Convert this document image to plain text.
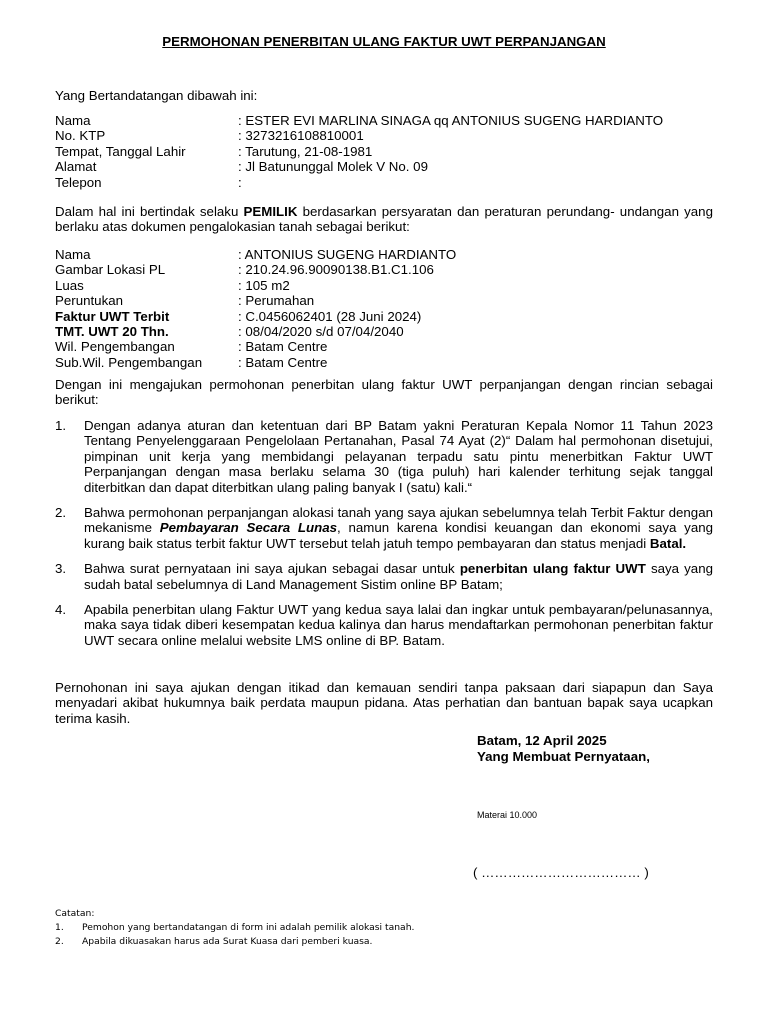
PERMOHONAN PENERBITAN ULANG FAKTUR UWT PERPANJANGAN
Yang Bertandatangan dibawah ini:
Nama	: ESTER EVI MARLINA SINAGA qq ANTONIUS SUGENG HARDIANTO
No. KTP	: 3273216108810001
Tempat, Tanggal Lahir	: Tarutung, 21-08-1981
Alamat	: Jl Batununggal Molek V No. 09
Telepon	:
Dalam hal ini bertindak selaku PEMILIK berdasarkan persyaratan dan peraturan perundang- undangan yang berlaku atas dokumen pengalokasian tanah sebagai berikut:
Nama	: ANTONIUS SUGENG HARDIANTO
Gambar Lokasi PL	: 210.24.96.90090138.B1.C1.106
Luas	: 105 m2
Peruntukan	: Perumahan
Faktur UWT Terbit	: C.0456062401 (28 Juni 2024)
TMT. UWT 20 Thn.	: 08/04/2020 s/d 07/04/2040
Wil. Pengembangan	: Batam Centre
Sub.Wil. Pengembangan	: Batam Centre
Dengan ini mengajukan permohonan penerbitan ulang faktur UWT perpanjangan dengan rincian sebagai berikut:
1. Dengan adanya aturan dan ketentuan dari BP Batam yakni Peraturan Kepala Nomor 11 Tahun 2023 Tentang Penyelenggaraan Pengelolaan Pertanahan, Pasal 74 Ayat (2)“ Dalam hal permohonan disetujui, pimpinan unit kerja yang membidangi pelayanan terpadu satu pintu menerbitkan Faktur UWT Perpanjangan dengan masa berlaku selama 30 (tiga puluh) hari kalender terhitung sejak tanggal diterbitkan dan dapat diterbitkan ulang paling banyak I (satu) kali.“
2. Bahwa permohonan perpanjangan alokasi tanah yang saya ajukan sebelumnya telah Terbit Faktur dengan mekanisme Pembayaran Secara Lunas, namun karena kondisi keuangan dan ekonomi saya yang kurang baik status terbit faktur UWT tersebut telah jatuh tempo pembayaran dan status menjadi Batal.
3. Bahwa surat pernyataan ini saya ajukan sebagai dasar untuk penerbitan ulang faktur UWT saya yang sudah batal sebelumnya di Land Management Sistim online BP Batam;
4. Apabila penerbitan ulang Faktur UWT yang kedua saya lalai dan ingkar untuk pembayaran/pelunasannya, maka saya tidak diberi kesempatan kedua kalinya dan harus mendaftarkan permohonan penerbitan faktur UWT secara online melalui website LMS online di BP. Batam.
Pernohonan ini saya ajukan dengan itikad dan kemauan sendiri tanpa paksaan dari siapapun dan Saya menyadari akibat hukumnya baik perdata maupun pidana. Atas perhatian dan bantuan bapak saya ucapkan terima kasih.
Batam, 12 April 2025
Yang Membuat Pernyataan,
Materai 10.000
( ……………………………… )
Catatan:
1.	Pemohon yang bertandatangan di form ini adalah pemilik alokasi tanah.
2.	Apabila dikuasakan harus ada Surat Kuasa dari pemberi kuasa.
